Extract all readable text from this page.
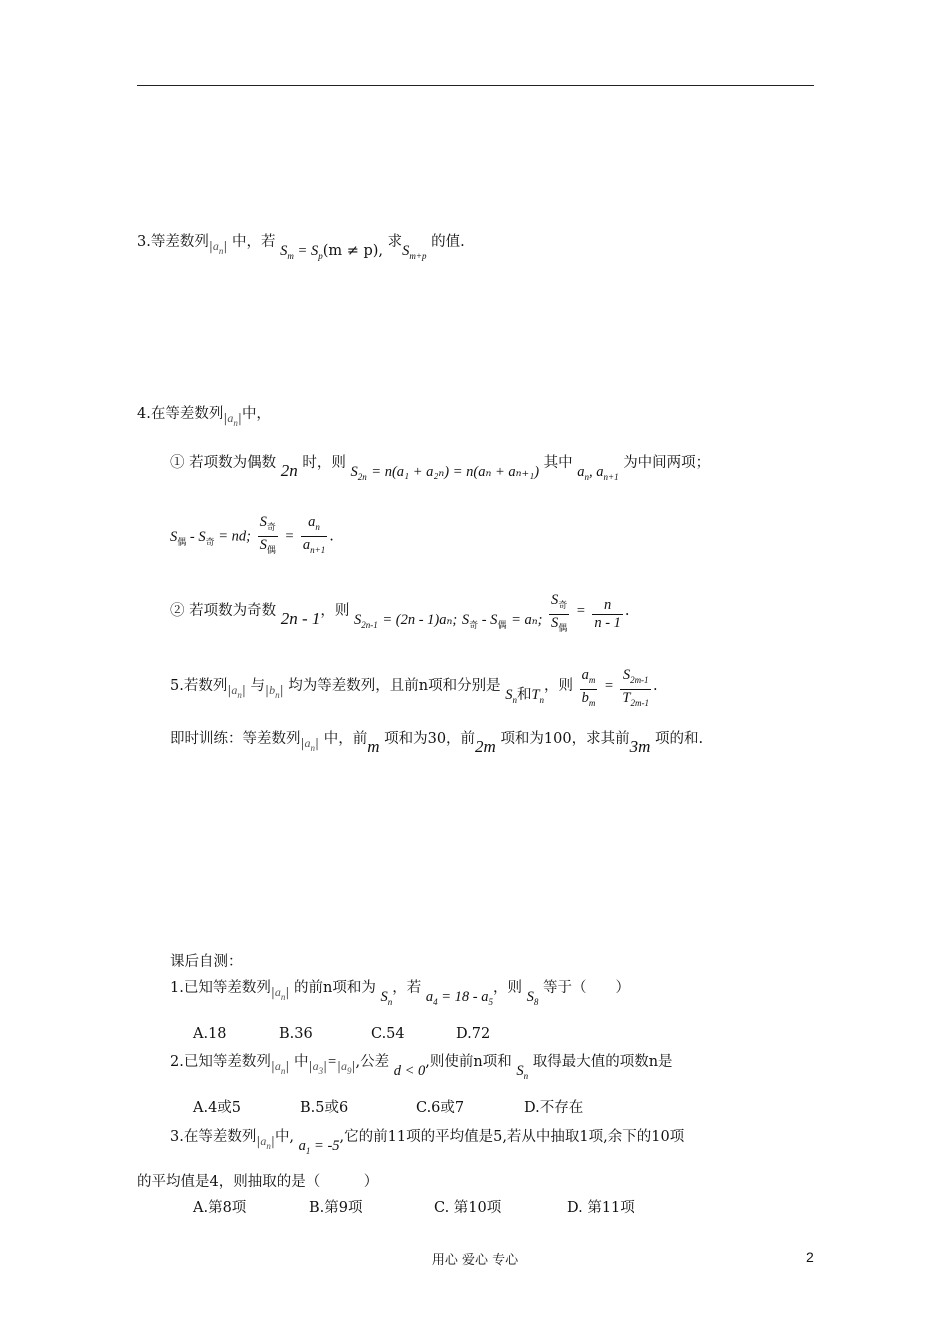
3.等差数列$|a_n|$ 中，若 $S_m = S_p(m \ne p)$, 求$S_{m+p}$ 的值.
4.在等差数列$|a_n|$中，
① 若项数为偶数 2n 时，则 $S_{2n} = n(a_1 + a_{2n}) = n(a_n + a_{n+1})$ 其中 $a_n$, $a_{n+1}$ 为中间两项；
$S_偶 - S_奇$ = nd; $\frac{S_奇}{S_偶} = \frac{a_n}{a_{n+1}}$ .
② 若项数为奇数 2n - 1，则 $S_{2n-1} = (2n - 1)a_n$; $S_奇 - S_偶 = a_n$; $\frac{S_奇}{S_偶} = \frac{n}{n - 1}$ .
5.若数列$|a_n|$ 与$|b_n|$ 均为等差数列，且前n项和分别是 $S_n$和$T_n$，则 $\frac{a_m}{b_m} = \frac{S_{2m-1}}{T_{2m-1}}$ .
即时训练：等差数列$|a_n|$ 中，前m 项和为30，前2m 项和为100，求其前3m 项的和.
课后自测：
1.已知等差数列$|a_n|$ 的前n项和为 $S_n$，若 $a_4 = 18 - a_5$，则 $S_8$ 等于（　　）
A.18	B.36	C.54	D.72
2.已知等差数列$|a_n|$ 中$|a_3|=|a_9|$,公差 d < 0,则使前n项和 $S_n$ 取得最大值的项数n是
A.4或5	B.5或6	C.6或7	D.不存在
3.在等差数列$|a_n|$中, $a_1 = -5$,它的前11项的平均值是5,若从中抽取1项,余下的10项
的平均值是4，则抽取的是（　　　）
A.第8项	B.第9项	C. 第10项	D. 第11项
用心 爱心 专心	2
